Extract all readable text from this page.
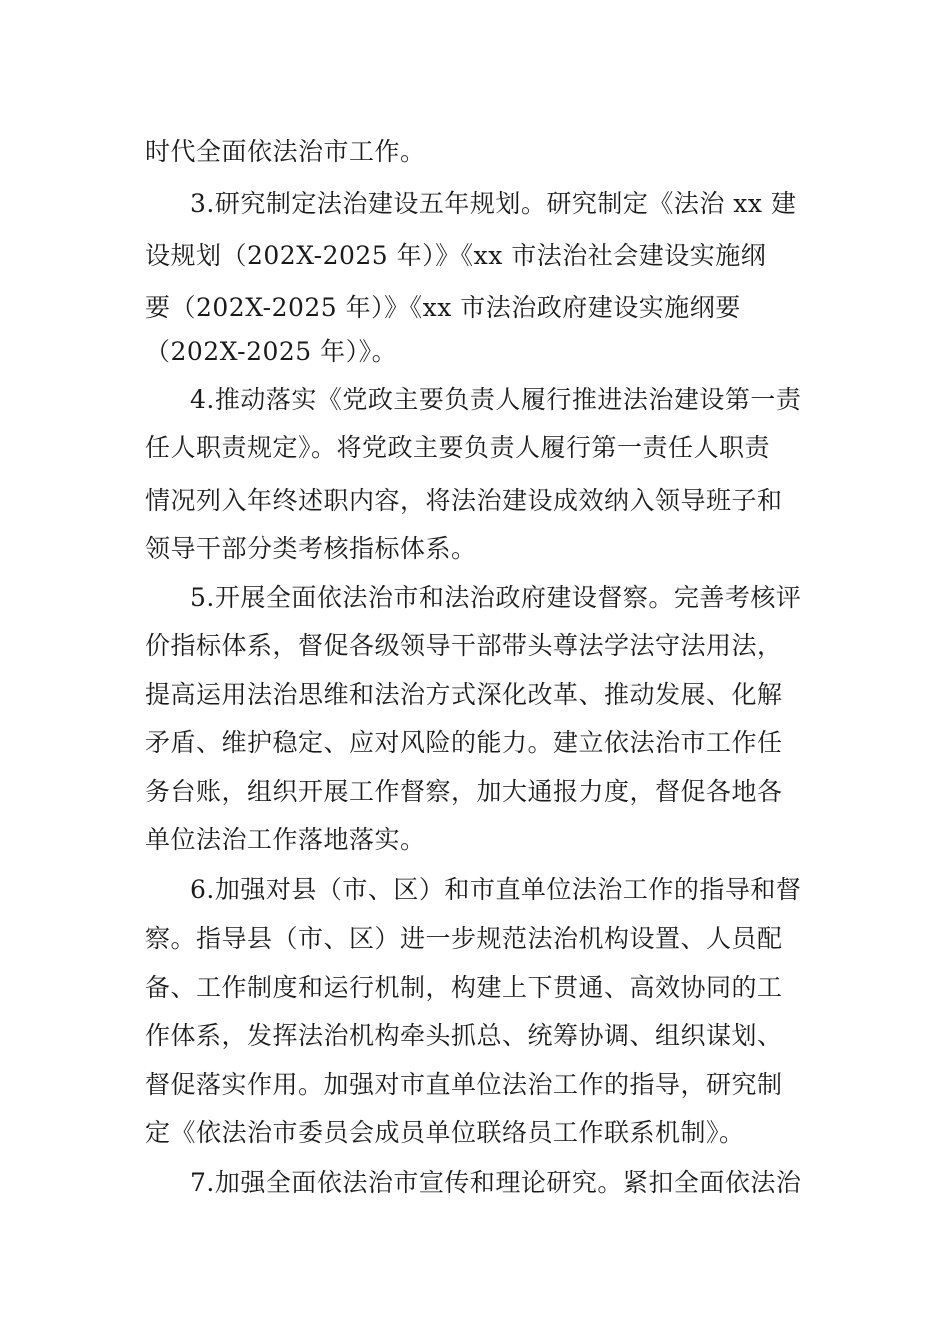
时代全面依法治市工作。
3.研究制定法治建设五年规划。研究制定《法治 xx 建
设规划（202X-2025 年）》《xx 市法治社会建设实施纲
要（202X-2025 年）》《xx 市法治政府建设实施纲要
（202X-2025 年）》。
4.推动落实《党政主要负责人履行推进法治建设第一责
任人职责规定》。将党政主要负责人履行第一责任人职责
情况列入年终述职内容，将法治建设成效纳入领导班子和
领导干部分类考核指标体系。
5.开展全面依法治市和法治政府建设督察。完善考核评
价指标体系，督促各级领导干部带头尊法学法守法用法，
提高运用法治思维和法治方式深化改革、推动发展、化解
矛盾、维护稳定、应对风险的能力。建立依法治市工作任
务台账，组织开展工作督察，加大通报力度，督促各地各
单位法治工作落地落实。
6.加强对县（市、区）和市直单位法治工作的指导和督
察。指导县（市、区）进一步规范法治机构设置、人员配
备、工作制度和运行机制，构建上下贯通、高效协同的工
作体系，发挥法治机构牵头抓总、统筹协调、组织谋划、
督促落实作用。加强对市直单位法治工作的指导，研究制
定《依法治市委员会成员单位联络员工作联系机制》。
7.加强全面依法治市宣传和理论研究。紧扣全面依法治
